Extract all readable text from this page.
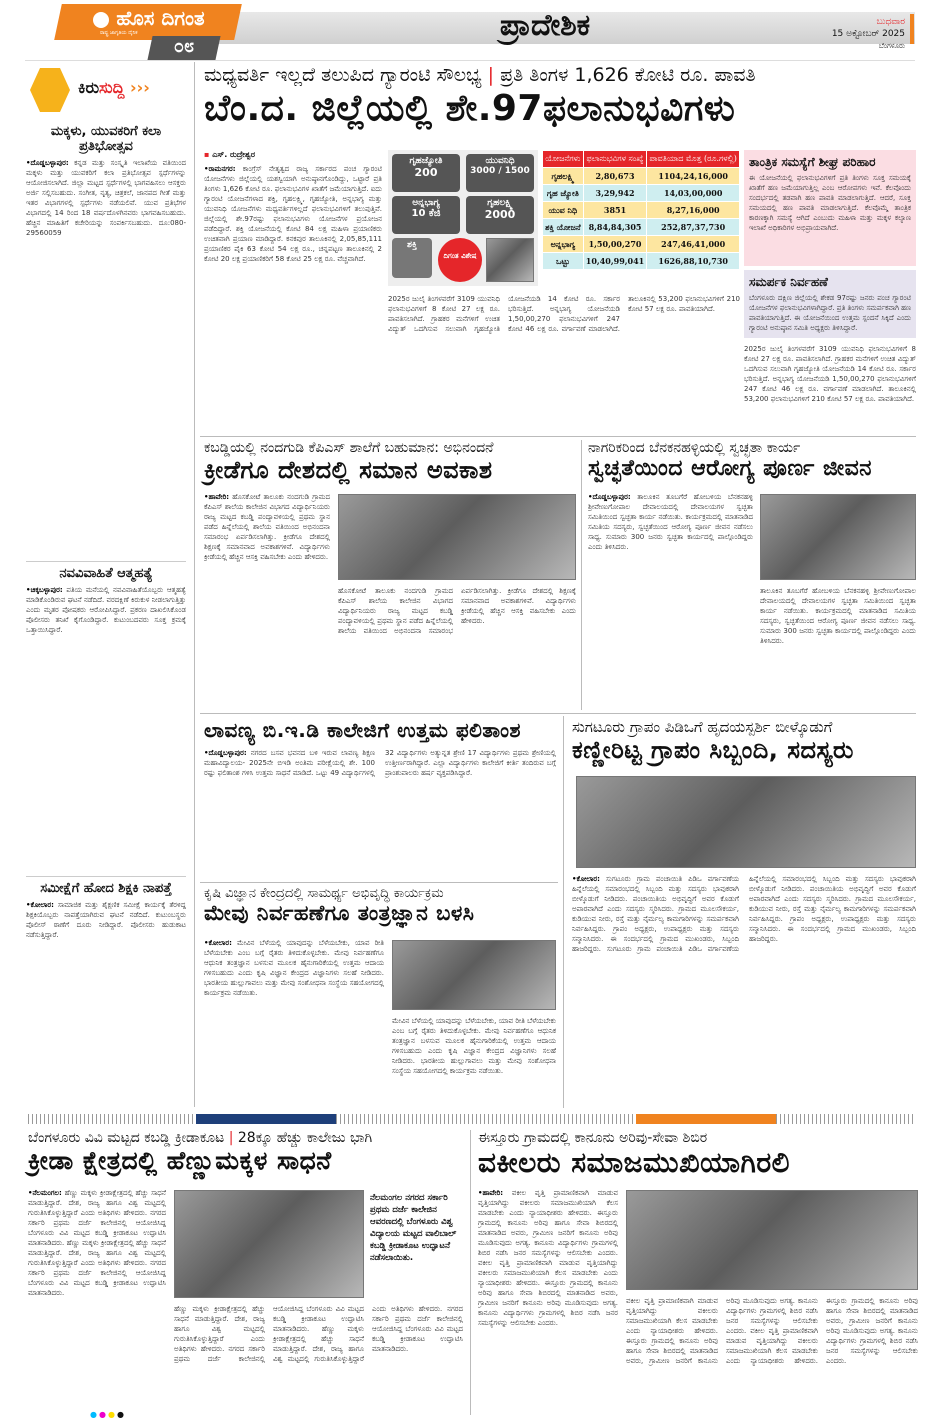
ಹೊಸ ದಿಗಂತ
ರಾಷ್ಟ್ರ ಜಾಗೃತಿಯ ದೈನಿಕ
೦೮
ಪ್ರಾದೇಶಿಕ	ಬುಧವಾರ
15 ಅಕ್ಟೋಬರ್ 2025
ಬೆಂಗಳೂರು
ಕಿರುಸುದ್ದಿ ›››
ಮಕ್ಕಳು, ಯುವಕರಿಗೆ ಕಲಾ ಪ್ರತಿಭೋತ್ಸವ
•ದೊಡ್ಡಬಳ್ಳಾಪುರ: ಕನ್ನಡ ಮತ್ತು ಸಂಸ್ಕೃತಿ ಇಲಾಖೆಯ ವತಿಯಿಂದ ಮಕ್ಕಳು ಮತ್ತು ಯುವಕರಿಗೆ ಕಲಾ ಪ್ರತಿಭೋತ್ಸವ ಸ್ಪರ್ಧೆಗಳನ್ನು ಆಯೋಜಿಸಲಾಗಿದೆ. ಜಿಲ್ಲಾ ಮಟ್ಟದ ಸ್ಪರ್ಧೆಗಳಲ್ಲಿ ಭಾಗವಹಿಸಲು ಆಸಕ್ತರು ಅರ್ಜಿ ಸಲ್ಲಿಸಬಹುದು. ಸಂಗೀತ, ನೃತ್ಯ, ಚಿತ್ರಕಲೆ, ಜಾನಪದ ಗೀತೆ ಮತ್ತು ಇತರ ವಿಭಾಗಗಳಲ್ಲಿ ಸ್ಪರ್ಧೆಗಳು ನಡೆಯಲಿವೆ. ಯುವ ಪ್ರತಿಭೆಗಳ ವಿಭಾಗದಲ್ಲಿ 14 ರಿಂದ 18 ವರ್ಷದೊಳಗಿನವರು ಭಾಗವಹಿಸಬಹುದು. ಹೆಚ್ಚಿನ ಮಾಹಿತಿಗೆ ಕಚೇರಿಯನ್ನು ಸಂಪರ್ಕಿಸಬಹುದು. ದೂ:080-29560059
ನವವಿವಾಹಿತೆ ಆತ್ಮಹತ್ಯೆ
•ಚಿಕ್ಕಬಳ್ಳಾಪುರ: ಪತಿಯ ಮನೆಯಲ್ಲಿ ನವವಿವಾಹಿತೆಯೊಬ್ಬರು ಆತ್ಮಹತ್ಯೆ ಮಾಡಿಕೊಂಡಿರುವ ಘಟನೆ ನಡೆದಿದೆ. ವರದಕ್ಷಿಣೆ ಕಿರುಕುಳ ನೀಡಲಾಗುತ್ತಿತ್ತು ಎಂದು ಮೃತರ ಪೋಷಕರು ಆರೋಪಿಸಿದ್ದಾರೆ. ಪ್ರಕರಣ ದಾಖಲಿಸಿಕೊಂಡ ಪೊಲೀಸರು ತನಿಖೆ ಕೈಗೊಂಡಿದ್ದಾರೆ. ಕುಟುಂಬದವರು ಸೂಕ್ತ ಕ್ರಮಕ್ಕೆ ಒತ್ತಾಯಿಸಿದ್ದಾರೆ.
ಸಮೀಕ್ಷೆಗೆ ಹೋದ ಶಿಕ್ಷಕಿ ನಾಪತ್ತೆ
•ಕೋಲಾರ: ಸಾಮಾಜಿಕ ಮತ್ತು ಶೈಕ್ಷಣಿಕ ಸಮೀಕ್ಷೆ ಕಾರ್ಯಕ್ಕೆ ತೆರಳಿದ್ದ ಶಿಕ್ಷಕಿಯೊಬ್ಬರು ನಾಪತ್ತೆಯಾಗಿರುವ ಘಟನೆ ನಡೆದಿದೆ. ಕುಟುಂಬಸ್ಥರು ಪೊಲೀಸ್ ಠಾಣೆಗೆ ದೂರು ನೀಡಿದ್ದಾರೆ. ಪೊಲೀಸರು ಹುಡುಕಾಟ ನಡೆಸುತ್ತಿದ್ದಾರೆ.
ಮಧ್ಯವರ್ತಿ ಇಲ್ಲದೆ ತಲುಪಿದ ಗ್ಯಾರಂಟಿ ಸೌಲಭ್ಯ | ಪ್ರತಿ ತಿಂಗಳ 1,626 ಕೋಟಿ ರೂ. ಪಾವತಿ
ಬೆಂ.ದ. ಜಿಲ್ಲೆಯಲ್ಲಿ ಶೇ.97ಫಲಾನುಭವಿಗಳು
▪ ಎಸ್. ರುದ್ರೇಶ್ವರ
•ರಾಮನಗರ: ಕಾಂಗ್ರೆಸ್ ನೇತೃತ್ವದ ರಾಜ್ಯ ಸರ್ಕಾರದ ಪಂಚ ಗ್ಯಾರಂಟಿ ಯೋಜನೆಗಳು ಜಿಲ್ಲೆಯಲ್ಲಿ ಯಶಸ್ವಿಯಾಗಿ ಅನುಷ್ಠಾನಗೊಂಡಿದ್ದು, ಒಟ್ಟಾರೆ ಪ್ರತಿ ತಿಂಗಳು 1,626 ಕೋಟಿ ರೂ. ಫಲಾನುಭವಿಗಳ ಖಾತೆಗೆ ಜಮೆಯಾಗುತ್ತಿದೆ. ಐದು ಗ್ಯಾರಂಟಿ ಯೋಜನೆಗಳಾದ ಶಕ್ತಿ, ಗೃಹಲಕ್ಷ್ಮಿ, ಗೃಹಜ್ಯೋತಿ, ಅನ್ನಭಾಗ್ಯ ಮತ್ತು ಯುವನಿಧಿ ಯೋಜನೆಗಳು ಮಧ್ಯವರ್ತಿಗಳಿಲ್ಲದೆ ಫಲಾನುಭವಿಗಳಿಗೆ ತಲುಪುತ್ತಿವೆ. ಜಿಲ್ಲೆಯಲ್ಲಿ ಶೇ.97ರಷ್ಟು ಫಲಾನುಭವಿಗಳು ಯೋಜನೆಗಳ ಪ್ರಯೋಜನ ಪಡೆದಿದ್ದಾರೆ. ಶಕ್ತಿ ಯೋಜನೆಯಲ್ಲಿ ಕೋಟಿ 84 ಲಕ್ಷ ಮಹಿಳಾ ಪ್ರಯಾಣಿಕರು ಉಚಿತವಾಗಿ ಪ್ರಯಾಣ ಮಾಡಿದ್ದಾರೆ. ಕನಕಪುರ ತಾಲೂಕಿನಲ್ಲಿ 2,05,85,111 ಪ್ರಯಾಣಿಕರ ಪೈಕಿ 63 ಕೋಟಿ 54 ಲಕ್ಷ ರೂ., ಚನ್ನಪಟ್ಟಣ ತಾಲೂಕಿನಲ್ಲಿ 2 ಕೋಟಿ 20 ಲಕ್ಷ ಪ್ರಯಾಣಿಕರಿಗೆ 58 ಕೋಟಿ 25 ಲಕ್ಷ ರೂ. ವೆಚ್ಚವಾಗಿದೆ.
ಗೃಹಜ್ಯೋತಿ
200
ಯುವನಿಧಿ
3000 / 1500
ಅನ್ನಭಾಗ್ಯ
10 ಕೆಜಿ
ಗೃಹಲಕ್ಷ್ಮಿ
2000
ಶಕ್ತಿ
ದಿಗಂತ ವಿಶೇಷ
ಯೋಜನೆಗಳು	ಫಲಾನುಭವಿಗಳ ಸಂಖ್ಯೆ	ಪಾವತಿಯಾದ ಮೊತ್ತ (ರೂ.ಗಳಲ್ಲಿ)
ಗೃಹಲಕ್ಷ್ಮಿ	2,80,673	1104,24,16,000
ಗೃಹ ಜ್ಯೋತಿ	3,29,942	14,03,00,000
ಯುವ ನಿಧಿ	3851	8,27,16,000
ಶಕ್ತಿ ಯೋಜನೆ	8,84,84,305	252,87,37,730
ಅನ್ನಭಾಗ್ಯ	1,50,00,270	247,46,41,000
ಒಟ್ಟು	10,40,99,041	1626,88,10,730
2025ರ ಜುಲೈ ತಿಂಗಳವರೆಗೆ 3109 ಯುವನಿಧಿ ಫಲಾನುಭವಿಗಳಿಗೆ 8 ಕೋಟಿ 27 ಲಕ್ಷ ರೂ. ಪಾವತಿಸಲಾಗಿದೆ. ಗ್ರಾಹಕರ ಮನೆಗಳಿಗೆ ಉಚಿತ ವಿದ್ಯುತ್ ಒದಗಿಸುವ ಸಲುವಾಗಿ ಗೃಹಜ್ಯೋತಿ ಯೋಜನೆಯಡಿ 14 ಕೋಟಿ ರೂ. ಸರ್ಕಾರ ಭರಿಸುತ್ತಿದೆ. ಅನ್ನಭಾಗ್ಯ ಯೋಜನೆಯಡಿ 1,50,00,270 ಫಲಾನುಭವಿಗಳಿಗೆ 247 ಕೋಟಿ 46 ಲಕ್ಷ ರೂ. ವರ್ಗಾವಣೆ ಮಾಡಲಾಗಿದೆ. ತಾಲೂಕಿನಲ್ಲಿ 53,200 ಫಲಾನುಭವಿಗಳಿಗೆ 210 ಕೋಟಿ 57 ಲಕ್ಷ ರೂ. ಪಾವತಿಯಾಗಿದೆ.
ತಾಂತ್ರಿಕ ಸಮಸ್ಯೆಗೆ ಶೀಘ್ರ ಪರಿಹಾರ
ಈ ಯೋಜನೆಯಲ್ಲಿ ಫಲಾನುಭವಿಗಳಿಗೆ ಪ್ರತಿ ತಿಂಗಳು ಸೂಕ್ತ ಸಮಯಕ್ಕೆ ಖಾತೆಗೆ ಹಣ ಜಮೆಯಾಗುತ್ತಿಲ್ಲ ಎಂಬ ಆರೋಪಗಳು ಇವೆ. ಕೆಲವೊಂದು ಸಂದರ್ಭದಲ್ಲಿ ತಡವಾಗಿ ಹಣ ಪಾವತಿ ಮಾಡಲಾಗುತ್ತಿದೆ. ಆದರೆ, ಸೂಕ್ತ ಸಮಯದಲ್ಲಿ ಹಣ ಪಾವತಿ ಮಾಡಲಾಗುತ್ತಿದೆ. ಕೆಲವೊಮ್ಮೆ ತಾಂತ್ರಿಕ ಕಾರಣಕ್ಕಾಗಿ ಸಮಸ್ಯೆ ಆಗಿದೆ ಎಂಬುದು ಮಹಿಳಾ ಮತ್ತು ಮಕ್ಕಳ ಕಲ್ಯಾಣ ಇಲಾಖೆ ಅಧಿಕಾರಿಗಳ ಅಭಿಪ್ರಾಯವಾಗಿದೆ.
ಸಮರ್ಪಕ ನಿರ್ವಹಣೆ
ಬೆಂಗಳೂರು ದಕ್ಷಿಣ ಜಿಲ್ಲೆಯಲ್ಲಿ ಶೇಕಡ 97ರಷ್ಟು ಜನರು ಪಂಚ ಗ್ಯಾರಂಟಿ ಯೋಜನೆಗಳ ಫಲಾನುಭವಿಗಳಾಗಿದ್ದಾರೆ. ಪ್ರತಿ ತಿಂಗಳು ಸಮರ್ಪಕವಾಗಿ ಹಣ ಪಾವತಿಯಾಗುತ್ತಿದೆ. ಈ ಯೋಜನೆಯಿಂದ ಉತ್ತಮ ಸ್ಪಂದನೆ ಸಿಕ್ಕಿದೆ ಎಂದು ಗ್ಯಾರಂಟಿ ಅನುಷ್ಠಾನ ಸಮಿತಿ ಅಧ್ಯಕ್ಷರು ತಿಳಿಸಿದ್ದಾರೆ.
2025ರ ಜುಲೈ ತಿಂಗಳವರೆಗೆ 3109 ಯುವನಿಧಿ ಫಲಾನುಭವಿಗಳಿಗೆ 8 ಕೋಟಿ 27 ಲಕ್ಷ ರೂ. ಪಾವತಿಸಲಾಗಿದೆ. ಗ್ರಾಹಕರ ಮನೆಗಳಿಗೆ ಉಚಿತ ವಿದ್ಯುತ್ ಒದಗಿಸುವ ಸಲುವಾಗಿ ಗೃಹಜ್ಯೋತಿ ಯೋಜನೆಯಡಿ 14 ಕೋಟಿ ರೂ. ಸರ್ಕಾರ ಭರಿಸುತ್ತಿದೆ. ಅನ್ನಭಾಗ್ಯ ಯೋಜನೆಯಡಿ 1,50,00,270 ಫಲಾನುಭವಿಗಳಿಗೆ 247 ಕೋಟಿ 46 ಲಕ್ಷ ರೂ. ವರ್ಗಾವಣೆ ಮಾಡಲಾಗಿದೆ. ತಾಲೂಕಿನಲ್ಲಿ 53,200 ಫಲಾನುಭವಿಗಳಿಗೆ 210 ಕೋಟಿ 57 ಲಕ್ಷ ರೂ. ಪಾವತಿಯಾಗಿದೆ.
ಕಬಡ್ಡಿಯಲ್ಲಿ ನಂದಗುಡಿ ಕೆಪಿಎಸ್ ಶಾಲೆಗೆ ಬಹುಮಾನ: ಅಭಿನಂದನೆ
ಕ್ರೀಡೆಗೂ ದೇಶದಲ್ಲಿ ಸಮಾನ ಅವಕಾಶ
•ಹಾವೇರಿ: ಹೊಸಕೋಟೆ ತಾಲೂಕು ನಂದಗುಡಿ ಗ್ರಾಮದ ಕೆಪಿಎಸ್ ಶಾಲೆಯ ಕಾಲೇಜಿನ ವಿಭಾಗದ ವಿದ್ಯಾರ್ಥಿನಿಯರು ರಾಜ್ಯ ಮಟ್ಟದ ಕಬಡ್ಡಿ ಪಂದ್ಯಾವಳಿಯಲ್ಲಿ ಪ್ರಥಮ ಸ್ಥಾನ ಪಡೆದ ಹಿನ್ನೆಲೆಯಲ್ಲಿ ಶಾಲೆಯ ವತಿಯಿಂದ ಅಭಿನಂದನಾ ಸಮಾರಂಭ ಏರ್ಪಡಿಸಲಾಗಿತ್ತು. ಕ್ರೀಡೆಗೂ ದೇಶದಲ್ಲಿ ಶಿಕ್ಷಣಕ್ಕೆ ಸಮಾನವಾದ ಅವಕಾಶಗಳಿವೆ. ವಿದ್ಯಾರ್ಥಿಗಳು ಕ್ರೀಡೆಯಲ್ಲಿ ಹೆಚ್ಚಿನ ಆಸಕ್ತಿ ವಹಿಸಬೇಕು ಎಂದು ಹೇಳಿದರು.
ಹೊಸಕೋಟೆ ತಾಲೂಕು ನಂದಗುಡಿ ಗ್ರಾಮದ ಕೆಪಿಎಸ್ ಶಾಲೆಯ ಕಾಲೇಜಿನ ವಿಭಾಗದ ವಿದ್ಯಾರ್ಥಿನಿಯರು ರಾಜ್ಯ ಮಟ್ಟದ ಕಬಡ್ಡಿ ಪಂದ್ಯಾವಳಿಯಲ್ಲಿ ಪ್ರಥಮ ಸ್ಥಾನ ಪಡೆದ ಹಿನ್ನೆಲೆಯಲ್ಲಿ ಶಾಲೆಯ ವತಿಯಿಂದ ಅಭಿನಂದನಾ ಸಮಾರಂಭ ಏರ್ಪಡಿಸಲಾಗಿತ್ತು. ಕ್ರೀಡೆಗೂ ದೇಶದಲ್ಲಿ ಶಿಕ್ಷಣಕ್ಕೆ ಸಮಾನವಾದ ಅವಕಾಶಗಳಿವೆ. ವಿದ್ಯಾರ್ಥಿಗಳು ಕ್ರೀಡೆಯಲ್ಲಿ ಹೆಚ್ಚಿನ ಆಸಕ್ತಿ ವಹಿಸಬೇಕು ಎಂದು ಹೇಳಿದರು.
ನಾಗರಿಕರಿಂದ ಬೆನಕನಹಳ್ಳಿಯಲ್ಲಿ ಸ್ವಚ್ಛತಾ ಕಾರ್ಯ
ಸ್ವಚ್ಛತೆಯಿಂದ ಆರೋಗ್ಯ ಪೂರ್ಣ ಜೀವನ
•ದೊಡ್ಡಬಳ್ಳಾಪುರ: ತಾಲೂಕಿನ ತೂಬಗೆರೆ ಹೋಬಳಿಯ ಬೆನಕನಹಳ್ಳಿ ಶ್ರೀವೇಣುಗೋಪಾಲ ದೇವಾಲಯದಲ್ಲಿ ದೇವಾಲಯಗಳ ಸ್ವಚ್ಛತಾ ಸಮಿತಿಯಿಂದ ಸ್ವಚ್ಛತಾ ಕಾರ್ಯ ನಡೆಯಿತು. ಕಾರ್ಯಕ್ರಮದಲ್ಲಿ ಮಾತನಾಡಿದ ಸಮಿತಿಯ ಸದಸ್ಯರು, ಸ್ವಚ್ಛತೆಯಿಂದ ಆರೋಗ್ಯ ಪೂರ್ಣ ಜೀವನ ನಡೆಸಲು ಸಾಧ್ಯ. ಸುಮಾರು 300 ಜನರು ಸ್ವಚ್ಛತಾ ಕಾರ್ಯದಲ್ಲಿ ಪಾಲ್ಗೊಂಡಿದ್ದರು ಎಂದು ತಿಳಿಸಿದರು.
ತಾಲೂಕಿನ ತೂಬಗೆರೆ ಹೋಬಳಿಯ ಬೆನಕನಹಳ್ಳಿ ಶ್ರೀವೇಣುಗೋಪಾಲ ದೇವಾಲಯದಲ್ಲಿ ದೇವಾಲಯಗಳ ಸ್ವಚ್ಛತಾ ಸಮಿತಿಯಿಂದ ಸ್ವಚ್ಛತಾ ಕಾರ್ಯ ನಡೆಯಿತು. ಕಾರ್ಯಕ್ರಮದಲ್ಲಿ ಮಾತನಾಡಿದ ಸಮಿತಿಯ ಸದಸ್ಯರು, ಸ್ವಚ್ಛತೆಯಿಂದ ಆರೋಗ್ಯ ಪೂರ್ಣ ಜೀವನ ನಡೆಸಲು ಸಾಧ್ಯ. ಸುಮಾರು 300 ಜನರು ಸ್ವಚ್ಛತಾ ಕಾರ್ಯದಲ್ಲಿ ಪಾಲ್ಗೊಂಡಿದ್ದರು ಎಂದು ತಿಳಿಸಿದರು.
ಲಾವಣ್ಯ ಬಿ.ಇ.ಡಿ ಕಾಲೇಜಿಗೆ ಉತ್ತಮ ಫಲಿತಾಂಶ
•ದೊಡ್ಡಬಳ್ಳಾಪುರ: ನಗರದ ಬಸವ ಭವನದ ಬಳಿ ಇರುವ ಲಾವಣ್ಯ ಶಿಕ್ಷಣ ಮಹಾವಿದ್ಯಾಲಯ- 2025ನೇ ಬಿಇಡಿ ಅಂತಿಮ ಪರೀಕ್ಷೆಯಲ್ಲಿ ಶೇ. 100 ರಷ್ಟು ಫಲಿತಾಂಶ ಗಳಿಸಿ ಉತ್ತಮ ಸಾಧನೆ ಮಾಡಿದೆ. ಒಟ್ಟು 49 ವಿದ್ಯಾರ್ಥಿಗಳಲ್ಲಿ 32 ವಿದ್ಯಾರ್ಥಿಗಳು ಅತ್ಯುನ್ನತ ಶ್ರೇಣಿ 17 ವಿದ್ಯಾರ್ಥಿಗಳು ಪ್ರಥಮ ಶ್ರೇಣಿಯಲ್ಲಿ ಉತ್ತೀರ್ಣರಾಗಿದ್ದಾರೆ. ಎಲ್ಲಾ ವಿದ್ಯಾರ್ಥಿಗಳು ಕಾಲೇಜಿಗೆ ಕೀರ್ತಿ ತಂದಿರುವ ಬಗ್ಗೆ ಪ್ರಾಂಶುಪಾಲರು ಹರ್ಷ ವ್ಯಕ್ತಪಡಿಸಿದ್ದಾರೆ.
ಸುಗಟೂರು ಗ್ರಾಪಂ ಪಿಡಿಒಗೆ ಹೃದಯಸ್ಪರ್ಶಿ ಬೀಳ್ಕೊಡುಗೆ
ಕಣ್ಣೀರಿಟ್ಟ ಗ್ರಾಪಂ ಸಿಬ್ಬಂದಿ, ಸದಸ್ಯರು
•ಕೋಲಾರ: ಸುಗಟೂರು ಗ್ರಾಮ ಪಂಚಾಯಿತಿ ಪಿಡಿಒ ವರ್ಗಾವಣೆಯ ಹಿನ್ನೆಲೆಯಲ್ಲಿ ಸಮಾರಂಭದಲ್ಲಿ ಸಿಬ್ಬಂದಿ ಮತ್ತು ಸದಸ್ಯರು ಭಾವುಕರಾಗಿ ಬೀಳ್ಕೊಡುಗೆ ನೀಡಿದರು. ಪಂಚಾಯಿತಿಯ ಅಭಿವೃದ್ಧಿಗೆ ಅವರ ಕೊಡುಗೆ ಅಪಾರವಾಗಿದೆ ಎಂದು ಸದಸ್ಯರು ಸ್ಮರಿಸಿದರು. ಗ್ರಾಮದ ಮೂಲಸೌಕರ್ಯ, ಕುಡಿಯುವ ನೀರು, ರಸ್ತೆ ಮತ್ತು ನೈರ್ಮಲ್ಯ ಕಾಮಗಾರಿಗಳನ್ನು ಸಮರ್ಪಕವಾಗಿ ನಿರ್ವಹಿಸಿದ್ದರು. ಗ್ರಾಪಂ ಅಧ್ಯಕ್ಷರು, ಉಪಾಧ್ಯಕ್ಷರು ಮತ್ತು ಸದಸ್ಯರು ಸನ್ಮಾನಿಸಿದರು. ಈ ಸಂದರ್ಭದಲ್ಲಿ ಗ್ರಾಮದ ಮುಖಂಡರು, ಸಿಬ್ಬಂದಿ ಹಾಜರಿದ್ದರು. ಸುಗಟೂರು ಗ್ರಾಮ ಪಂಚಾಯಿತಿ ಪಿಡಿಒ ವರ್ಗಾವಣೆಯ ಹಿನ್ನೆಲೆಯಲ್ಲಿ ಸಮಾರಂಭದಲ್ಲಿ ಸಿಬ್ಬಂದಿ ಮತ್ತು ಸದಸ್ಯರು ಭಾವುಕರಾಗಿ ಬೀಳ್ಕೊಡುಗೆ ನೀಡಿದರು. ಪಂಚಾಯಿತಿಯ ಅಭಿವೃದ್ಧಿಗೆ ಅವರ ಕೊಡುಗೆ ಅಪಾರವಾಗಿದೆ ಎಂದು ಸದಸ್ಯರು ಸ್ಮರಿಸಿದರು. ಗ್ರಾಮದ ಮೂಲಸೌಕರ್ಯ, ಕುಡಿಯುವ ನೀರು, ರಸ್ತೆ ಮತ್ತು ನೈರ್ಮಲ್ಯ ಕಾಮಗಾರಿಗಳನ್ನು ಸಮರ್ಪಕವಾಗಿ ನಿರ್ವಹಿಸಿದ್ದರು. ಗ್ರಾಪಂ ಅಧ್ಯಕ್ಷರು, ಉಪಾಧ್ಯಕ್ಷರು ಮತ್ತು ಸದಸ್ಯರು ಸನ್ಮಾನಿಸಿದರು. ಈ ಸಂದರ್ಭದಲ್ಲಿ ಗ್ರಾಮದ ಮುಖಂಡರು, ಸಿಬ್ಬಂದಿ ಹಾಜರಿದ್ದರು.
ಕೃಷಿ ವಿಜ್ಞಾನ ಕೇಂದ್ರದಲ್ಲಿ ಸಾಮರ್ಥ್ಯ ಅಭಿವೃದ್ಧಿ ಕಾರ್ಯಕ್ರಮ
ಮೇವು ನಿರ್ವಹಣೆಗೂ ತಂತ್ರಜ್ಞಾನ ಬಳಸಿ
•ಕೋಲಾರ: ಮೇವಿನ ಬೆಳೆಯಲ್ಲಿ ಯಾವುದನ್ನು ಬೆಳೆಯಬೇಕು, ಯಾವ ರೀತಿ ಬೆಳೆಯಬೇಕು ಎಂಬ ಬಗ್ಗೆ ರೈತರು ತಿಳಿದುಕೊಳ್ಳಬೇಕು. ಮೇವು ನಿರ್ವಹಣೆಗೂ ಆಧುನಿಕ ತಂತ್ರಜ್ಞಾನ ಬಳಸುವ ಮೂಲಕ ಹೈನುಗಾರಿಕೆಯಲ್ಲಿ ಉತ್ತಮ ಆದಾಯ ಗಳಿಸಬಹುದು ಎಂದು ಕೃಷಿ ವಿಜ್ಞಾನ ಕೇಂದ್ರದ ವಿಜ್ಞಾನಿಗಳು ಸಲಹೆ ನೀಡಿದರು. ಭಾರತೀಯ ಹುಲ್ಲುಗಾವಲು ಮತ್ತು ಮೇವು ಸಂಶೋಧನಾ ಸಂಸ್ಥೆಯ ಸಹಯೋಗದಲ್ಲಿ ಕಾರ್ಯಕ್ರಮ ನಡೆಯಿತು.
ಮೇವಿನ ಬೆಳೆಯಲ್ಲಿ ಯಾವುದನ್ನು ಬೆಳೆಯಬೇಕು, ಯಾವ ರೀತಿ ಬೆಳೆಯಬೇಕು ಎಂಬ ಬಗ್ಗೆ ರೈತರು ತಿಳಿದುಕೊಳ್ಳಬೇಕು. ಮೇವು ನಿರ್ವಹಣೆಗೂ ಆಧುನಿಕ ತಂತ್ರಜ್ಞಾನ ಬಳಸುವ ಮೂಲಕ ಹೈನುಗಾರಿಕೆಯಲ್ಲಿ ಉತ್ತಮ ಆದಾಯ ಗಳಿಸಬಹುದು ಎಂದು ಕೃಷಿ ವಿಜ್ಞಾನ ಕೇಂದ್ರದ ವಿಜ್ಞಾನಿಗಳು ಸಲಹೆ ನೀಡಿದರು. ಭಾರತೀಯ ಹುಲ್ಲುಗಾವಲು ಮತ್ತು ಮೇವು ಸಂಶೋಧನಾ ಸಂಸ್ಥೆಯ ಸಹಯೋಗದಲ್ಲಿ ಕಾರ್ಯಕ್ರಮ ನಡೆಯಿತು.
ಬೆಂಗಳೂರು ವಿವಿ ಮಟ್ಟದ ಕಬಡ್ಡಿ ಕ್ರೀಡಾಕೂಟ | 28ಕ್ಕೂ ಹೆಚ್ಚು ಕಾಲೇಜು ಭಾಗಿ
ಕ್ರೀಡಾ ಕ್ಷೇತ್ರದಲ್ಲಿ ಹೆಣ್ಣುಮಕ್ಕಳ ಸಾಧನೆ
•ನೆಲಮಂಗಲ: ಹೆಣ್ಣು ಮಕ್ಕಳು ಕ್ರೀಡಾಕ್ಷೇತ್ರದಲ್ಲಿ ಹೆಚ್ಚು ಸಾಧನೆ ಮಾಡುತ್ತಿದ್ದಾರೆ. ದೇಶ, ರಾಜ್ಯ ಹಾಗೂ ವಿಶ್ವ ಮಟ್ಟದಲ್ಲಿ ಗುರುತಿಸಿಕೊಳ್ಳುತ್ತಿದ್ದಾರೆ ಎಂದು ಅತಿಥಿಗಳು ಹೇಳಿದರು. ನಗರದ ಸರ್ಕಾರಿ ಪ್ರಥಮ ದರ್ಜೆ ಕಾಲೇಜಿನಲ್ಲಿ ಆಯೋಜಿಸಿದ್ದ ಬೆಂಗಳೂರು ವಿವಿ ಮಟ್ಟದ ಕಬಡ್ಡಿ ಕ್ರೀಡಾಕೂಟ ಉದ್ಘಾಟಿಸಿ ಮಾತನಾಡಿದರು. ಹೆಣ್ಣು ಮಕ್ಕಳು ಕ್ರೀಡಾಕ್ಷೇತ್ರದಲ್ಲಿ ಹೆಚ್ಚು ಸಾಧನೆ ಮಾಡುತ್ತಿದ್ದಾರೆ. ದೇಶ, ರಾಜ್ಯ ಹಾಗೂ ವಿಶ್ವ ಮಟ್ಟದಲ್ಲಿ ಗುರುತಿಸಿಕೊಳ್ಳುತ್ತಿದ್ದಾರೆ ಎಂದು ಅತಿಥಿಗಳು ಹೇಳಿದರು. ನಗರದ ಸರ್ಕಾರಿ ಪ್ರಥಮ ದರ್ಜೆ ಕಾಲೇಜಿನಲ್ಲಿ ಆಯೋಜಿಸಿದ್ದ ಬೆಂಗಳೂರು ವಿವಿ ಮಟ್ಟದ ಕಬಡ್ಡಿ ಕ್ರೀಡಾಕೂಟ ಉದ್ಘಾಟಿಸಿ ಮಾತನಾಡಿದರು.
ನೆಲಮಂಗಲ ನಗರದ ಸರ್ಕಾರಿ ಪ್ರಥಮ ದರ್ಜೆ ಕಾಲೇಜಿನ ಆವರಣದಲ್ಲಿ ಬೆಂಗಳೂರು ವಿಶ್ವ ವಿದ್ಯಾಲಯ ಮಟ್ಟದ ವಾಲಿಬಾಲ್ ಕಬಡ್ಡಿ ಕ್ರೀಡಾಕೂಟ ಉದ್ಘಾಟನೆ ನಡೆಸಲಾಯಿತು.
ಹೆಣ್ಣು ಮಕ್ಕಳು ಕ್ರೀಡಾಕ್ಷೇತ್ರದಲ್ಲಿ ಹೆಚ್ಚು ಸಾಧನೆ ಮಾಡುತ್ತಿದ್ದಾರೆ. ದೇಶ, ರಾಜ್ಯ ಹಾಗೂ ವಿಶ್ವ ಮಟ್ಟದಲ್ಲಿ ಗುರುತಿಸಿಕೊಳ್ಳುತ್ತಿದ್ದಾರೆ ಎಂದು ಅತಿಥಿಗಳು ಹೇಳಿದರು. ನಗರದ ಸರ್ಕಾರಿ ಪ್ರಥಮ ದರ್ಜೆ ಕಾಲೇಜಿನಲ್ಲಿ ಆಯೋಜಿಸಿದ್ದ ಬೆಂಗಳೂರು ವಿವಿ ಮಟ್ಟದ ಕಬಡ್ಡಿ ಕ್ರೀಡಾಕೂಟ ಉದ್ಘಾಟಿಸಿ ಮಾತನಾಡಿದರು. ಹೆಣ್ಣು ಮಕ್ಕಳು ಕ್ರೀಡಾಕ್ಷೇತ್ರದಲ್ಲಿ ಹೆಚ್ಚು ಸಾಧನೆ ಮಾಡುತ್ತಿದ್ದಾರೆ. ದೇಶ, ರಾಜ್ಯ ಹಾಗೂ ವಿಶ್ವ ಮಟ್ಟದಲ್ಲಿ ಗುರುತಿಸಿಕೊಳ್ಳುತ್ತಿದ್ದಾರೆ ಎಂದು ಅತಿಥಿಗಳು ಹೇಳಿದರು. ನಗರದ ಸರ್ಕಾರಿ ಪ್ರಥಮ ದರ್ಜೆ ಕಾಲೇಜಿನಲ್ಲಿ ಆಯೋಜಿಸಿದ್ದ ಬೆಂಗಳೂರು ವಿವಿ ಮಟ್ಟದ ಕಬಡ್ಡಿ ಕ್ರೀಡಾಕೂಟ ಉದ್ಘಾಟಿಸಿ ಮಾತನಾಡಿದರು.
ಈಸ್ತೂರು ಗ್ರಾಮದಲ್ಲಿ ಕಾನೂನು ಅರಿವು-ಸೇವಾ ಶಿಬಿರ
ವಕೀಲರು ಸಮಾಜಮುಖಿಯಾಗಿರಲಿ
•ಹಾವೇರಿ: ವಕೀಲ ವೃತ್ತಿ ಪ್ರಾಮಾಣಿಕವಾಗಿ ಮಾಡುವ ವೃತ್ತಿಯಾಗಿದ್ದು ವಕೀಲರು ಸಮಾಜಮುಖಿಯಾಗಿ ಕೆಲಸ ಮಾಡಬೇಕು ಎಂದು ನ್ಯಾಯಾಧೀಶರು ಹೇಳಿದರು. ಈಸ್ತೂರು ಗ್ರಾಮದಲ್ಲಿ ಕಾನೂನು ಅರಿವು ಹಾಗೂ ಸೇವಾ ಶಿಬಿರದಲ್ಲಿ ಮಾತನಾಡಿದ ಅವರು, ಗ್ರಾಮೀಣ ಜನರಿಗೆ ಕಾನೂನು ಅರಿವು ಮೂಡಿಸುವುದು ಅಗತ್ಯ. ಕಾನೂನು ವಿದ್ಯಾರ್ಥಿಗಳು ಗ್ರಾಮಗಳಲ್ಲಿ ಶಿಬಿರ ನಡೆಸಿ ಜನರ ಸಮಸ್ಯೆಗಳನ್ನು ಆಲಿಸಬೇಕು ಎಂದರು. ವಕೀಲ ವೃತ್ತಿ ಪ್ರಾಮಾಣಿಕವಾಗಿ ಮಾಡುವ ವೃತ್ತಿಯಾಗಿದ್ದು ವಕೀಲರು ಸಮಾಜಮುಖಿಯಾಗಿ ಕೆಲಸ ಮಾಡಬೇಕು ಎಂದು ನ್ಯಾಯಾಧೀಶರು ಹೇಳಿದರು. ಈಸ್ತೂರು ಗ್ರಾಮದಲ್ಲಿ ಕಾನೂನು ಅರಿವು ಹಾಗೂ ಸೇವಾ ಶಿಬಿರದಲ್ಲಿ ಮಾತನಾಡಿದ ಅವರು, ಗ್ರಾಮೀಣ ಜನರಿಗೆ ಕಾನೂನು ಅರಿವು ಮೂಡಿಸುವುದು ಅಗತ್ಯ. ಕಾನೂನು ವಿದ್ಯಾರ್ಥಿಗಳು ಗ್ರಾಮಗಳಲ್ಲಿ ಶಿಬಿರ ನಡೆಸಿ ಜನರ ಸಮಸ್ಯೆಗಳನ್ನು ಆಲಿಸಬೇಕು ಎಂದರು.
ವಕೀಲ ವೃತ್ತಿ ಪ್ರಾಮಾಣಿಕವಾಗಿ ಮಾಡುವ ವೃತ್ತಿಯಾಗಿದ್ದು ವಕೀಲರು ಸಮಾಜಮುಖಿಯಾಗಿ ಕೆಲಸ ಮಾಡಬೇಕು ಎಂದು ನ್ಯಾಯಾಧೀಶರು ಹೇಳಿದರು. ಈಸ್ತೂರು ಗ್ರಾಮದಲ್ಲಿ ಕಾನೂನು ಅರಿವು ಹಾಗೂ ಸೇವಾ ಶಿಬಿರದಲ್ಲಿ ಮಾತನಾಡಿದ ಅವರು, ಗ್ರಾಮೀಣ ಜನರಿಗೆ ಕಾನೂನು ಅರಿವು ಮೂಡಿಸುವುದು ಅಗತ್ಯ. ಕಾನೂನು ವಿದ್ಯಾರ್ಥಿಗಳು ಗ್ರಾಮಗಳಲ್ಲಿ ಶಿಬಿರ ನಡೆಸಿ ಜನರ ಸಮಸ್ಯೆಗಳನ್ನು ಆಲಿಸಬೇಕು ಎಂದರು. ವಕೀಲ ವೃತ್ತಿ ಪ್ರಾಮಾಣಿಕವಾಗಿ ಮಾಡುವ ವೃತ್ತಿಯಾಗಿದ್ದು ವಕೀಲರು ಸಮಾಜಮುಖಿಯಾಗಿ ಕೆಲಸ ಮಾಡಬೇಕು ಎಂದು ನ್ಯಾಯಾಧೀಶರು ಹೇಳಿದರು. ಈಸ್ತೂರು ಗ್ರಾಮದಲ್ಲಿ ಕಾನೂನು ಅರಿವು ಹಾಗೂ ಸೇವಾ ಶಿಬಿರದಲ್ಲಿ ಮಾತನಾಡಿದ ಅವರು, ಗ್ರಾಮೀಣ ಜನರಿಗೆ ಕಾನೂನು ಅರಿವು ಮೂಡಿಸುವುದು ಅಗತ್ಯ. ಕಾನೂನು ವಿದ್ಯಾರ್ಥಿಗಳು ಗ್ರಾಮಗಳಲ್ಲಿ ಶಿಬಿರ ನಡೆಸಿ ಜನರ ಸಮಸ್ಯೆಗಳನ್ನು ಆಲಿಸಬೇಕು ಎಂದರು.
●●●●
